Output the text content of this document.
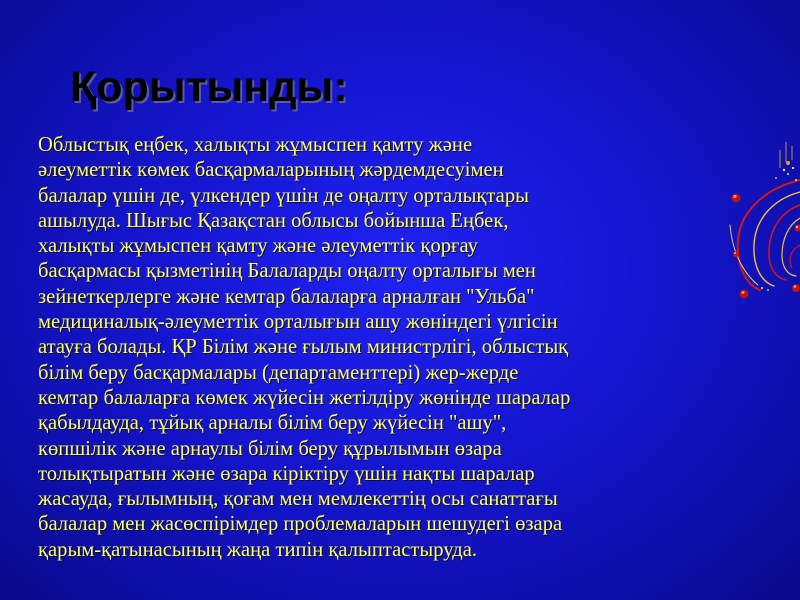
Қорытынды:

Облыстық еңбек, халықты жұмыспен қамту және
әлеуметтік көмек басқармаларының жәрдемдесуімен
балалар үшін де, үлкендер үшін де оңалту орталықтары
ашылуда. Шығыс Қазақстан облысы бойынша Еңбек,
халықты жұмыспен қамту және әлеуметтік қорғау
басқармасы қызметінің Балаларды оңалту орталығы мен
зейнеткерлерге және кемтар балаларға арналған "Ульба"
медициналық-әлеуметтік орталығын ашу жөніндегі үлгісін
атауға болады. ҚР Білім және ғылым министрлігі, облыстық
білім беру басқармалары (департаменттері) жер-жерде
кемтар балаларға көмек жүйесін жетілдіру жөнінде шаралар
қабылдауда, тұйық арналы білім беру жүйесін "ашу",
көпшілік және арнаулы білім беру құрылымын өзара
толықтыратын және өзара кіріктіру үшін нақты шаралар
жасауда, ғылымның, қоғам мен мемлекеттің осы санаттағы
балалар мен жасөспірімдер проблемаларын шешудегі өзара
қарым-қатынасының жаңа типін қалыптастыруда.
